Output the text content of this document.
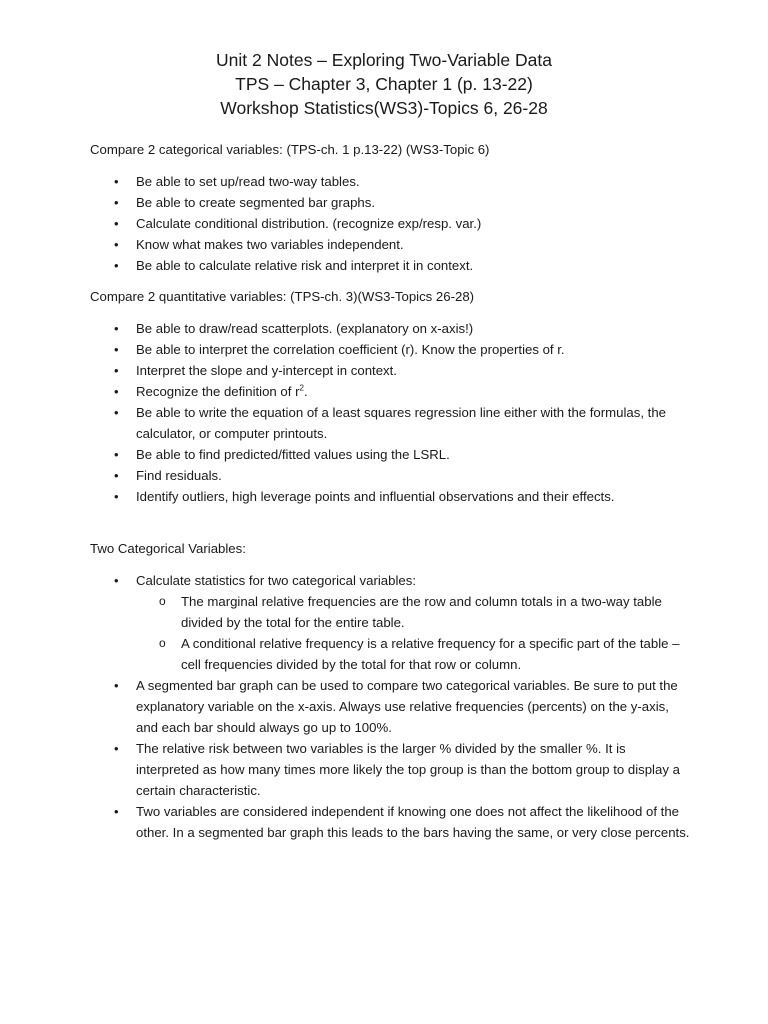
Unit 2 Notes – Exploring Two-Variable Data

TPS – Chapter 3, Chapter 1 (p. 13-22)

Workshop Statistics(WS3)-Topics 6, 26-28

Compare 2 categorical variables: (TPS-ch. 1 p.13-22) (WS3-Topic 6)
• Be able to set up/read two-way tables.
• Be able to create segmented bar graphs.
• Calculate conditional distribution. (recognize exp/resp. var.)
• Know what makes two variables independent.
• Be able to calculate relative risk and interpret it in context.
Compare 2 quantitative variables: (TPS-ch. 3)(WS3-Topics 26-28)
• Be able to draw/read scatterplots. (explanatory on x-axis!)
• Be able to interpret the correlation coefficient (r). Know the properties of r.
• Interpret the slope and y-intercept in context.
• Recognize the definition of $r^2$.
• Be able to write the equation of a least squares regression line either with the formulas, the calculator, or computer printouts.
• Be able to find predicted/fitted values using the LSRL.
• Find residuals.
• Identify outliers, high leverage points and influential observations and their effects.
Two Categorical Variables:
• Calculate statistics for two categorical variables:
o The marginal relative frequencies are the row and column totals in a two-way table divided by the total for the entire table.
o A conditional relative frequency is a relative frequency for a specific part of the table – cell frequencies divided by the total for that row or column.
• A segmented bar graph can be used to compare two categorical variables. Be sure to put the explanatory variable on the x-axis. Always use relative frequencies (percents) on the y-axis, and each bar should always go up to 100%.
• The relative risk between two variables is the larger % divided by the smaller %. It is interpreted as how many times more likely the top group is than the bottom group to display a certain characteristic.
• Two variables are considered independent if knowing one does not affect the likelihood of the other. In a segmented bar graph this leads to the bars having the same, or very close percents.
